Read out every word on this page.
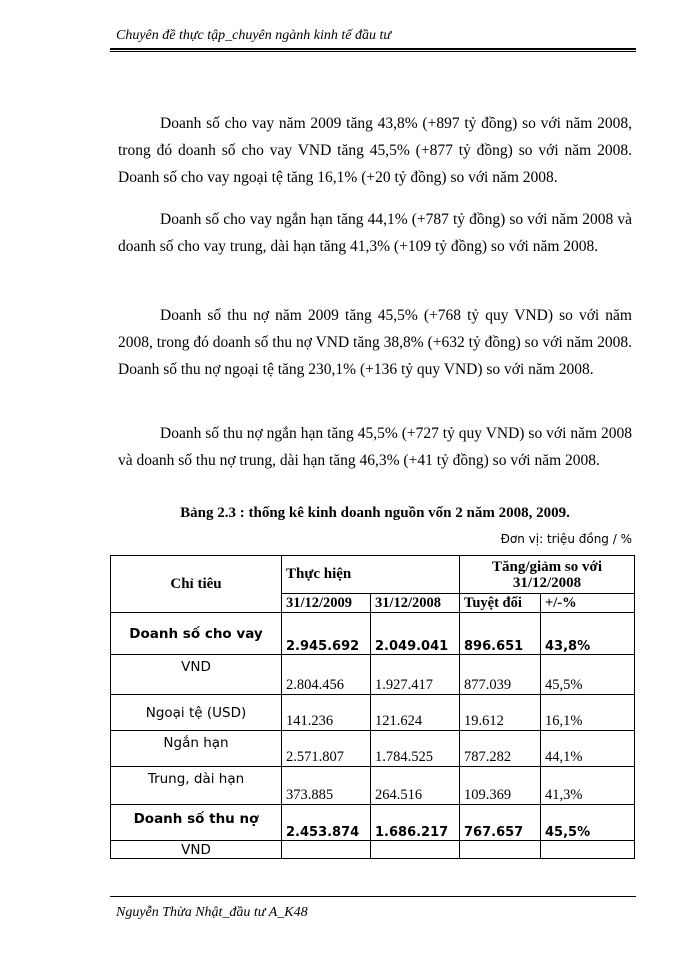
Chuyên đề thực tập_chuyên ngành kinh tế đầu tư

Doanh số cho vay năm 2009 tăng 43,8% (+897 tỷ đồng) so với năm 2008, trong đó doanh số cho vay VND tăng 45,5% (+877 tỷ đồng) so với năm 2008. Doanh số cho vay ngoại tệ tăng 16,1% (+20 tỷ đồng) so với năm 2008.

Doanh số cho vay ngắn hạn tăng 44,1% (+787 tỷ đồng) so với năm 2008 và doanh số cho vay trung, dài hạn tăng 41,3% (+109 tỷ đồng) so với năm 2008.

Doanh số thu nợ năm 2009 tăng 45,5% (+768 tỷ quy VND) so với năm 2008, trong đó doanh số thu nợ VND tăng 38,8% (+632 tỷ đồng) so với năm 2008. Doanh số thu nợ ngoại tệ tăng 230,1% (+136 tỷ quy VND) so với năm 2008.

Doanh số thu nợ ngắn hạn tăng 45,5% (+727 tỷ quy VND) so với năm 2008 và doanh số thu nợ trung, dài hạn tăng 46,3% (+41 tỷ đồng) so với năm 2008.

Bảng 2.3 : thống kê kinh doanh nguồn vốn 2 năm 2008, 2009.
Đơn vị: triệu đồng / %
Chỉ tiêu	Thực hiện		Tăng/giảm so với 31/12/2008	
	31/12/2009	31/12/2008	Tuyệt đối	+/-%
Doanh số cho vay	2.945.692	2.049.041	896.651	43,8%
VND	2.804.456	1.927.417	877.039	45,5%
Ngoại tệ (USD)	141.236	121.624	19.612	16,1%
Ngắn hạn	2.571.807	1.784.525	787.282	44,1%
Trung, dài hạn	373.885	264.516	109.369	41,3%
Doanh số thu nợ	2.453.874	1.686.217	767.657	45,5%
VND				
Nguyễn Thừa Nhật_đầu tư A_K48
